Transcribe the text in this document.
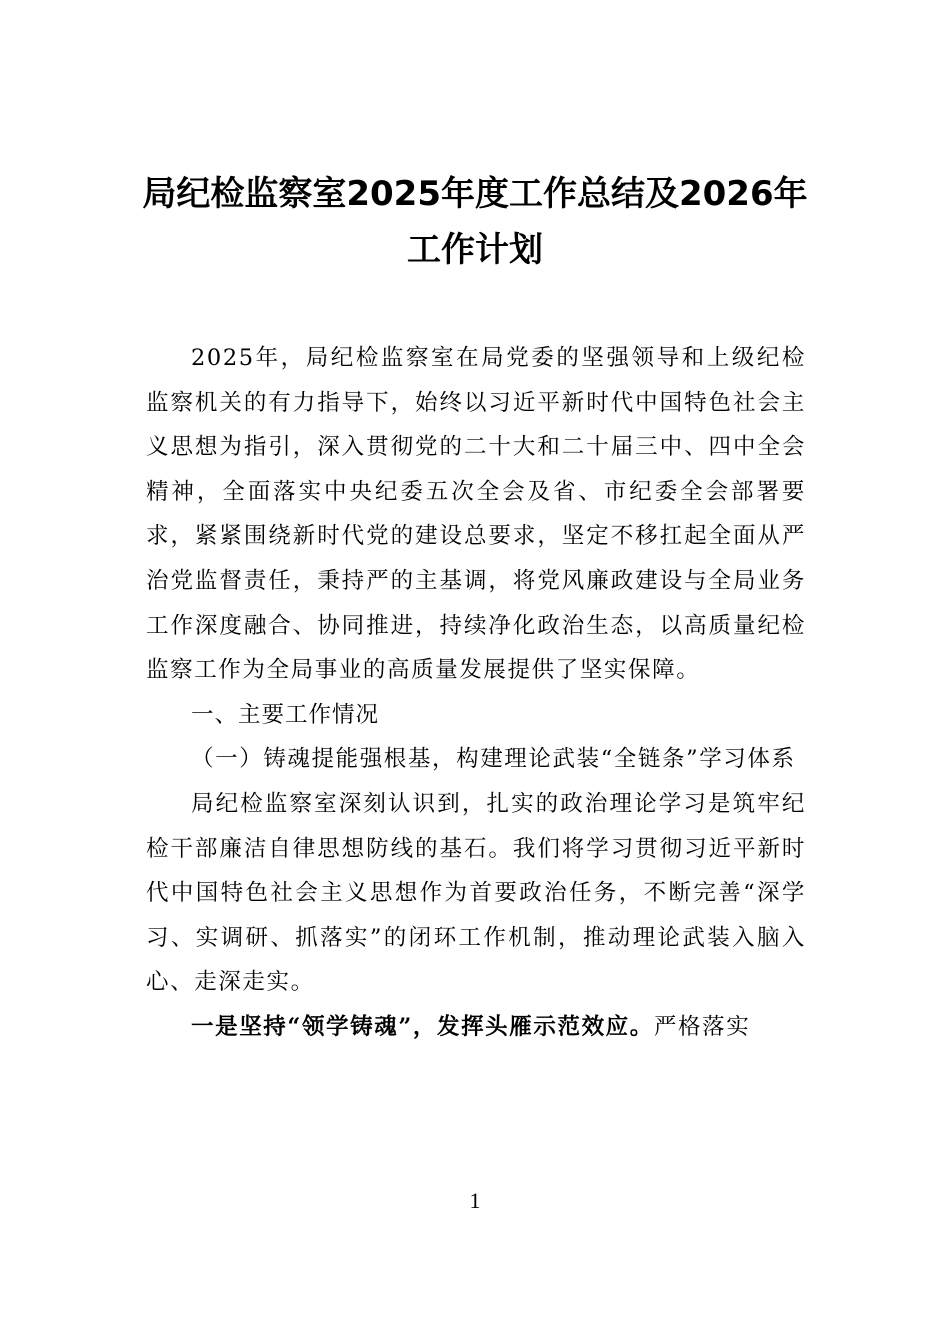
局纪检监察室2025年度工作总结及2026年
工作计划

2025年，局纪检监察室在局党委的坚强领导和上级纪检监察机关的有力指导下，始终以习近平新时代中国特色社会主义思想为指引，深入贯彻党的二十大和二十届三中、四中全会精神，全面落实中央纪委五次全会及省、市纪委全会部署要求，紧紧围绕新时代党的建设总要求，坚定不移扛起全面从严治党监督责任，秉持严的主基调，将党风廉政建设与全局业务工作深度融合、协同推进，持续净化政治生态，以高质量纪检监察工作为全局事业的高质量发展提供了坚实保障。

一、主要工作情况

（一）铸魂提能强根基，构建理论武装“全链条”学习体系

局纪检监察室深刻认识到，扎实的政治理论学习是筑牢纪检干部廉洁自律思想防线的基石。我们将学习贯彻习近平新时代中国特色社会主义思想作为首要政治任务，不断完善“深学习、实调研、抓落实”的闭环工作机制，推动理论武装入脑入心、走深走实。

一是坚持“领学铸魂”，发挥头雁示范效应。严格落实

1
